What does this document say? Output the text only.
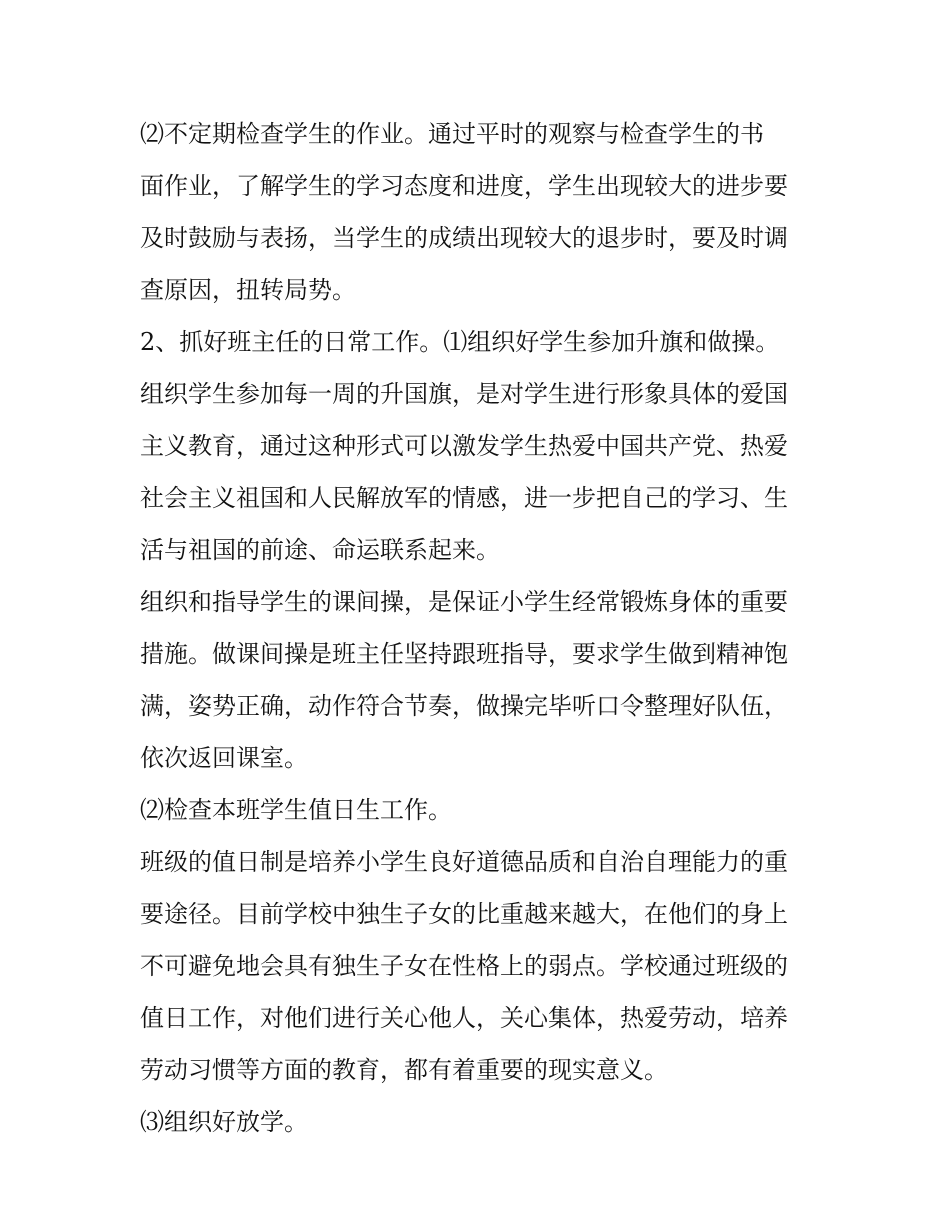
⑵不定期检查学生的作业。通过平时的观察与检查学生的书
面作业，了解学生的学习态度和进度，学生出现较大的进步要
及时鼓励与表扬，当学生的成绩出现较大的退步时，要及时调
查原因，扭转局势。
2、抓好班主任的日常工作。⑴组织好学生参加升旗和做操。
组织学生参加每一周的升国旗，是对学生进行形象具体的爱国
主义教育，通过这种形式可以激发学生热爱中国共产党、热爱
社会主义祖国和人民解放军的情感，进一步把自己的学习、生
活与祖国的前途、命运联系起来。
组织和指导学生的课间操，是保证小学生经常锻炼身体的重要
措施。做课间操是班主任坚持跟班指导，要求学生做到精神饱
满，姿势正确，动作符合节奏，做操完毕听口令整理好队伍，
依次返回课室。
⑵检查本班学生值日生工作。
班级的值日制是培养小学生良好道德品质和自治自理能力的重
要途径。目前学校中独生子女的比重越来越大，在他们的身上
不可避免地会具有独生子女在性格上的弱点。学校通过班级的
值日工作，对他们进行关心他人，关心集体，热爱劳动，培养
劳动习惯等方面的教育，都有着重要的现实意义。
⑶组织好放学。
